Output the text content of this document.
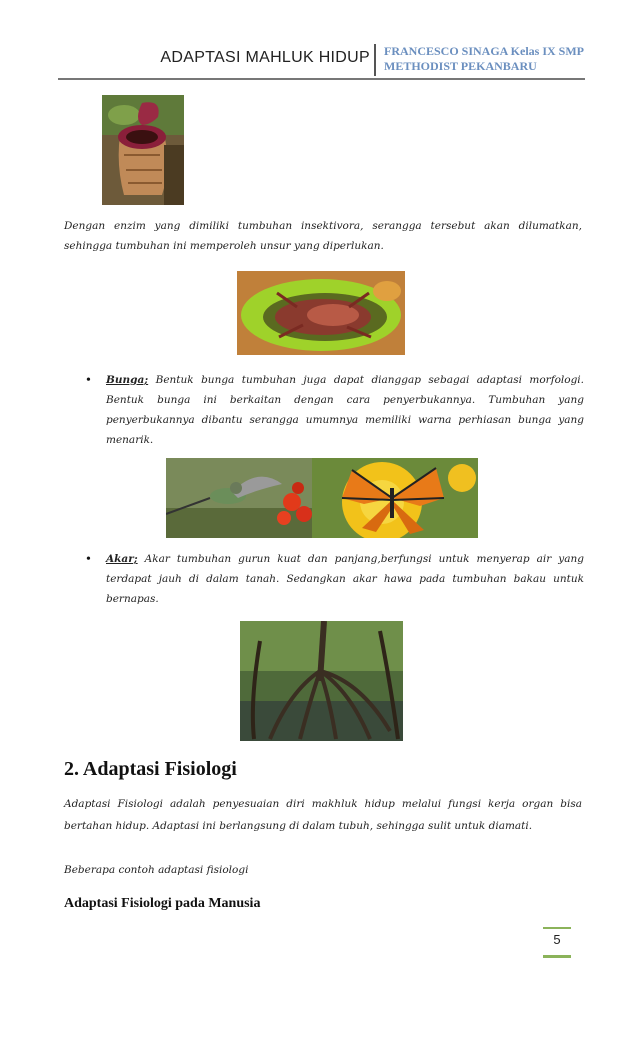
ADAPTASI MAHLUK HIDUP FRANCESCO SINAGA Kelas IX SMP
METHODIST PEKANBARU
Dengan enzim yang dimiliki tumbuhan insektivora, serangga tersebut akan dilumatkan, sehingga tumbuhan ini memperoleh unsur yang diperlukan.
• Bunga; Bentuk bunga tumbuhan juga dapat dianggap sebagai adaptasi morfologi. Bentuk bunga ini berkaitan dengan cara penyerbukannya. Tumbuhan yang penyerbukannya dibantu serangga umumnya memiliki warna perhiasan bunga yang menarik.
• Akar; Akar tumbuhan gurun kuat dan panjang,berfungsi untuk menyerap air yang terdapat jauh di dalam tanah. Sedangkan akar hawa pada tumbuhan bakau untuk bernapas.
2. Adaptasi Fisiologi
Adaptasi Fisiologi adalah penyesuaian diri makhluk hidup melalui fungsi kerja organ bisa bertahan hidup. Adaptasi ini berlangsung di dalam tubuh, sehingga sulit untuk diamati.
Beberapa contoh adaptasi fisiologi
Adaptasi Fisiologi pada Manusia
5
